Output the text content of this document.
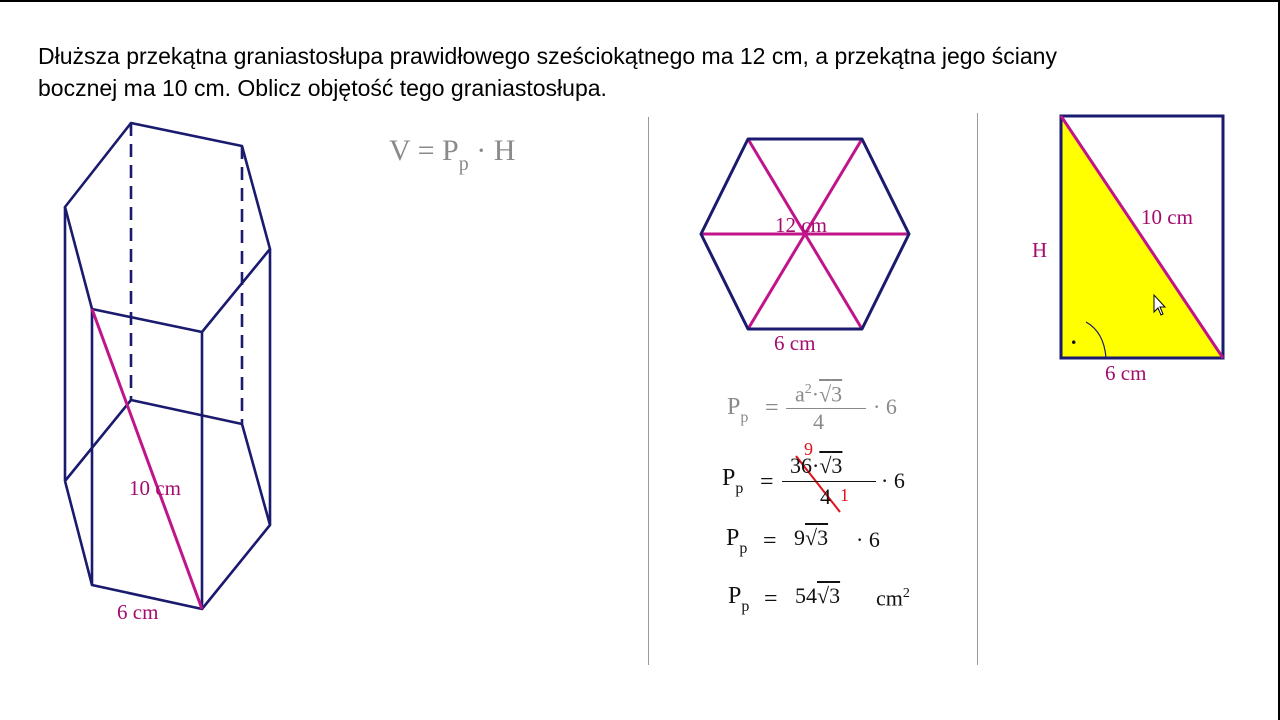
Dłuższa przekątna graniastosłupa prawidłowego sześciokątnego ma 12 cm, a przekątna jego ściany
bocznej ma 10 cm. Oblicz objętość tego graniastosłupa.
10 cm
6 cm
$V = P_p \cdot H$
12 cm
6 cm
$P_p$ =
$a^2\cdot√3$
4
· 6
$P_p$ =
9
36·√3
4 1
· 6
$P_p = 9√3 \cdot 6$
$P_p = 54√3$ $cm^2$
10 cm
H
6 cm
.
